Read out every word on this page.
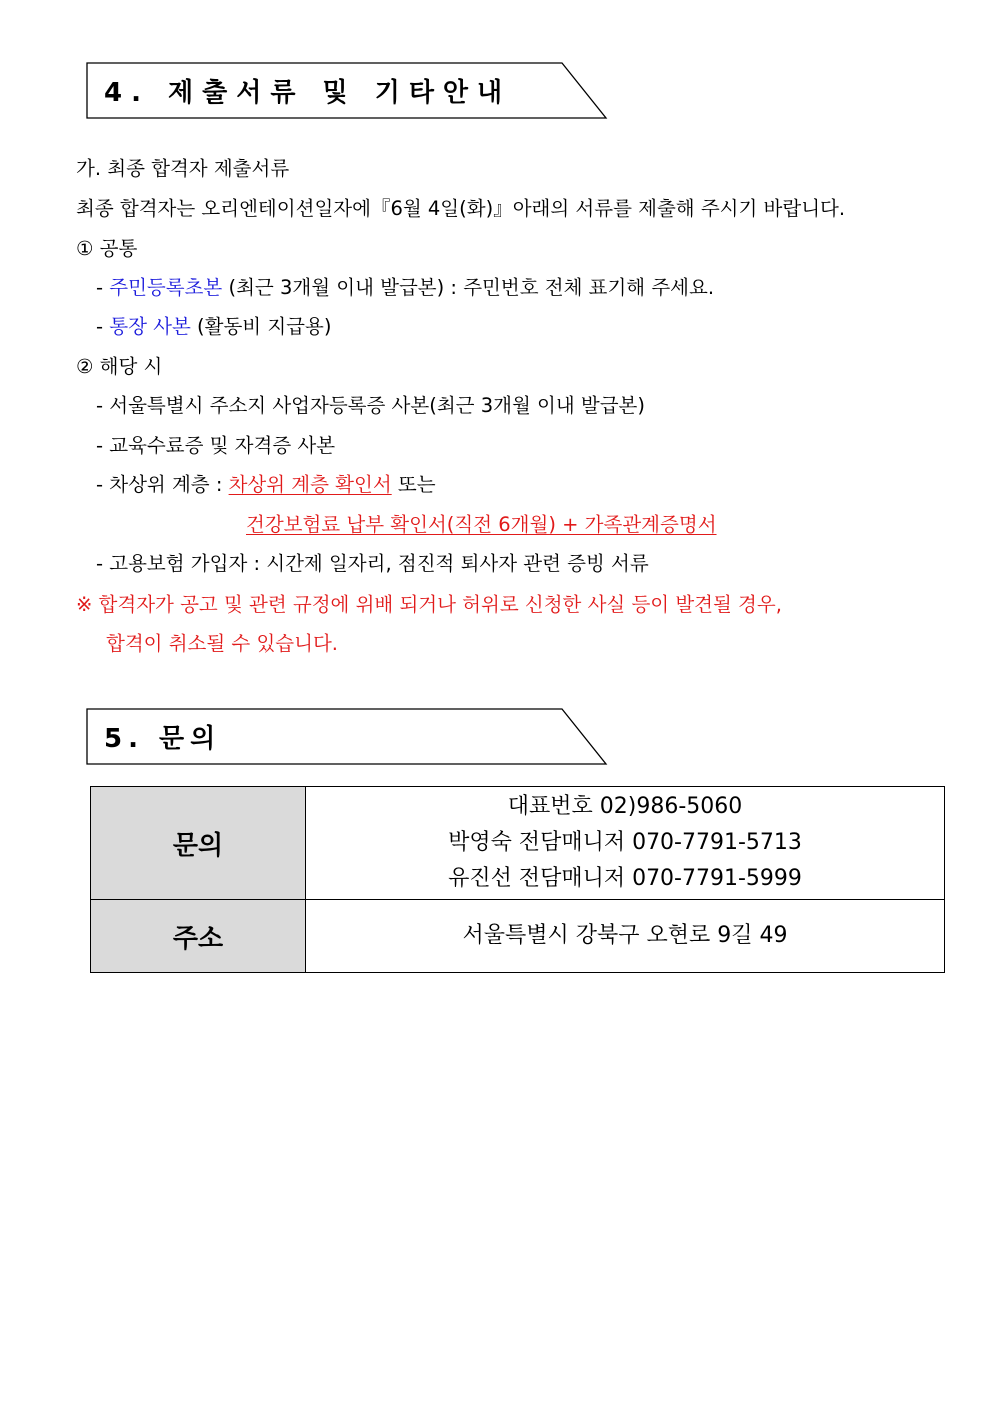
4. 제출서류 및 기타안내
가. 최종 합격자 제출서류
최종 합격자는 오리엔테이션일자에『6월 4일(화)』아래의 서류를 제출해 주시기 바랍니다.
① 공통
- 주민등록초본 (최근 3개월 이내 발급본) : 주민번호 전체 표기해 주세요.
- 통장 사본 (활동비 지급용)
② 해당 시
- 서울특별시 주소지 사업자등록증 사본(최근 3개월 이내 발급본)
- 교육수료증 및 자격증 사본
- 차상위 계층 : 차상위 계층 확인서 또는
건강보험료 납부 확인서(직전 6개월) + 가족관계증명서
- 고용보험 가입자 : 시간제 일자리, 점진적 퇴사자 관련 증빙 서류
※ 합격자가 공고 및 관련 규정에 위배 되거나 허위로 신청한 사실 등이 발견될 경우,
합격이 취소될 수 있습니다.
5. 문의
문의	대표번호 02)986-5060
박영숙 전담매니저 070-7791-5713
유진선 전담매니저 070-7791-5999

주소	서울특별시 강북구 오현로 9길 49
